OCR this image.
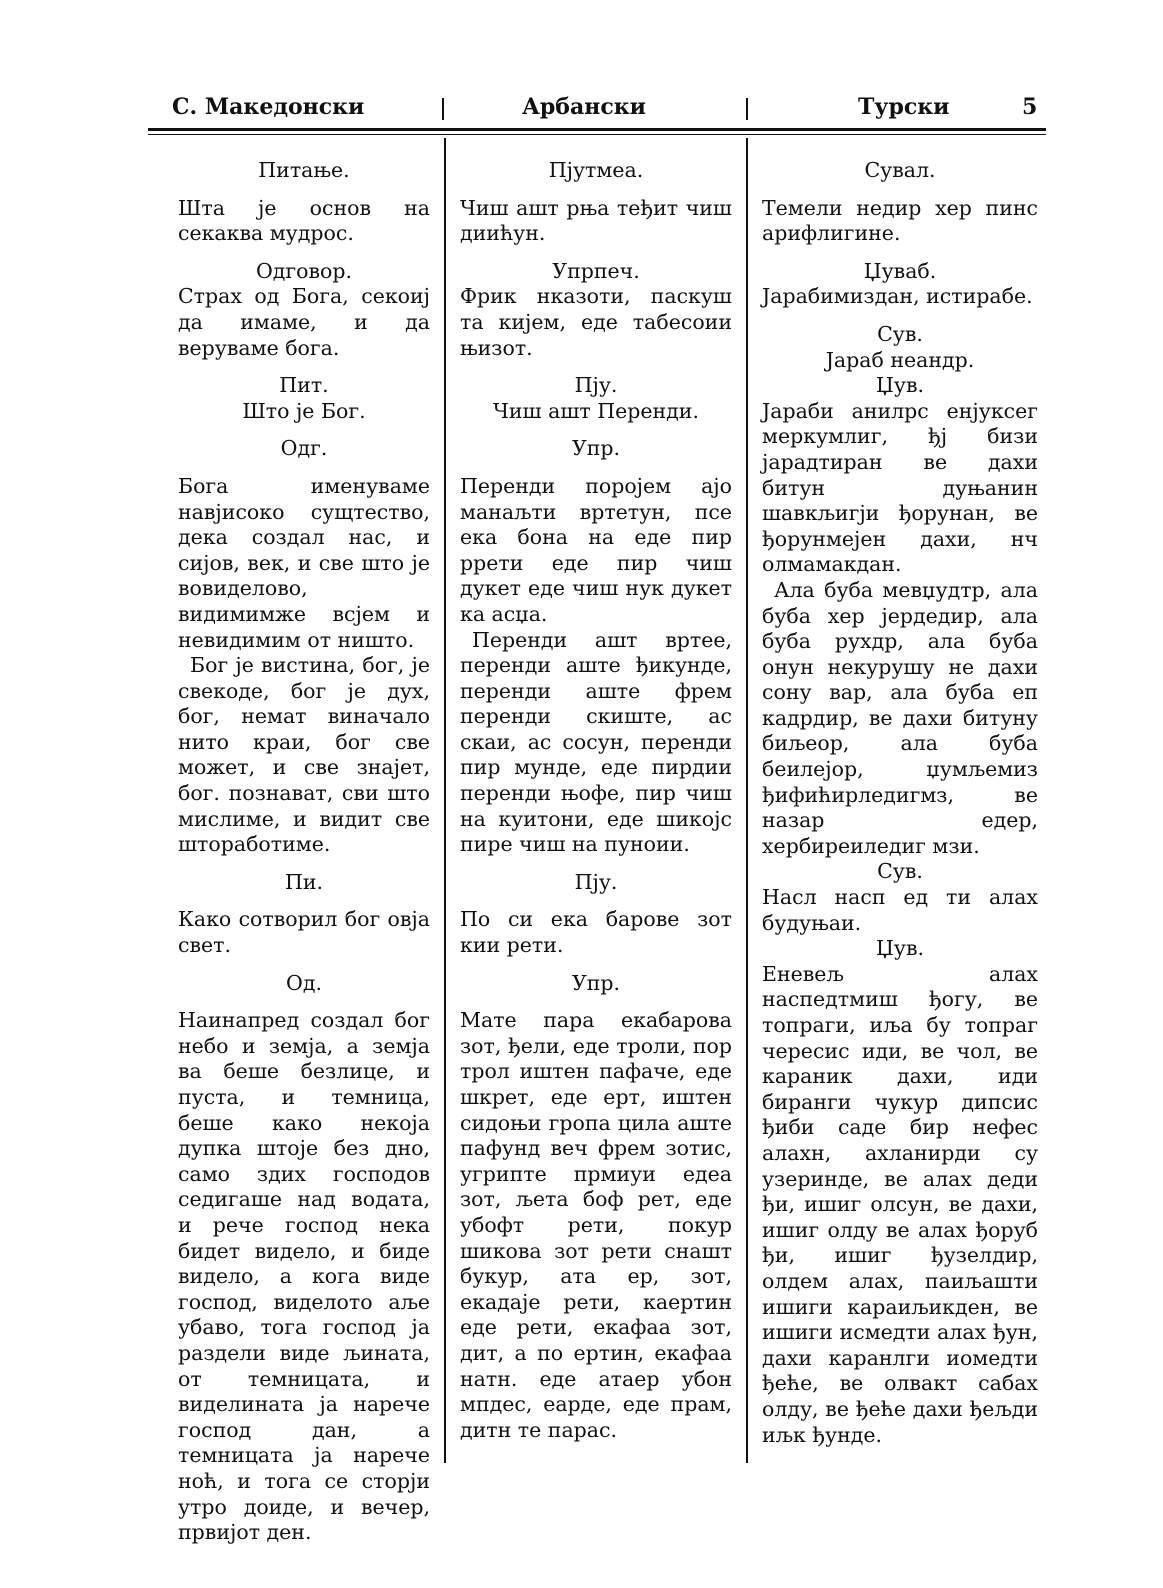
С. Македонски	Арбански	Турски	5

Питање.

Шта је основ на секаква мудрос.

Одговор.

Страх од Бога, секоиј да имаме, и да веруваме бога.

Пит.

Што је Бог.

Одг.

Бога именуваме навјисоко сущтество, дека создал нас, и сијов, век, и све што је вовиделово, видимимже всјем и невидимим от ништо.

Бог је вистина, бог, је свекоде, бог је дух, бог, немат виначало нито краи, бог све может, и све знајет, бог. познават, сви што мислиме, и видит све шторaботиме.

Пи.

Како сотворил бог овја свет.

Од.

Наинапред создал бог небо и земја, а земја ва беше безлице, и пуста, и темница, беше како некоја дупка штоје без дно, само здих господов седигаше над водата, и рече господ нека бидет видело, и биде видело, а кога виде господ, виделото аље убаво, тога господ ја раздели виде љината, от темницата, и виделината ја нарече господ дан, а темницата ја нарече ноћ, и тога се сторји утро доиде, и вечер, првијот ден.

Пјутмеа.

Чиш ашт рња теђит чиш диићун.

Упрпеч.

Фрик нказоти, паскуш та кијем, еде табесоии њизот.

Пју.

Чиш ашт Перенди.

Упр.

Перенди поројем ајо манаљти вртетун, псе ека бона на еде пир ррети еде пир чиш дукет еде чиш нук дукет ка асџа.

Перенди ашт вртее, перенди аште ђикунде, перенди аште фрем перенди скиште, ас скаи, ас сосун, перенди пир мунде, еде пирдии перенди њофе, пир чиш на куитони, еде шикојс пире чиш на пуноии.

Пју.

По си ека барове зот кии рети.

Упр.

Мате пара екабарова зот, ђели, еде троли, пор трол иштен пафаче, еде шкрет, еде ерт, иштен сидоњи гропа цила аште пафунд веч фрем зотис, угрипте прмиуи едеа зот, љета боф рет, еде убофт рети, покур шикова зот рети снашт букур, ата ер, зот, екадаје рети, каертин еде рети, екафаа зот, дит, а по ертин, екафаа натн. еде атаер убон мпдес, еарде, еде прам, дитн те парас.

Сувал.

Темели недир хер пинс арифлигине.

Џуваб.

Јарабимиздан, истирабе.

Сув.

Јараб неандр.

Џув.

Јараби анилрс енјуксег меркумлиг, ђј бизи јарадтиран ве дахи битун дуњанин шавкљигји ђорунан, ве ђорунмејен дахи, нч олмамакдан.

Ала буба мевџудтр, ала буба хер јердедир, ала буба рухдр, ала буба онун некурушу не дахи сону вар, ала буба еп кадрдир, ве дахи битуну биљеор, ала буба беилејор, џумљемиз ђифићирледигмз, ве назар едер, хербиреиледиг мзи.

Сув.

Насл насп ед ти алах будуњаи.

Џув.

Еневељ алах наспедтмиш ђогу, ве топраги, иља бу топраг чересис иди, ве чол, ве караник дахи, иди биранги чукур дипсис ђиби саде бир нефес алахн, ахланирди су узеринде, ве алах деди ђи, ишиг олсун, ве дахи, ишиг олду ве алах ђоруб ђи, ишиг ђузелдир, олдем алах, паиљашти ишиги караиљикден, ве ишиги исмедти алах ђун, дахи каранлги иомедти ђеће, ве олвакт сабах олду, ве ђеће дахи ђељди иљк ђунде.
